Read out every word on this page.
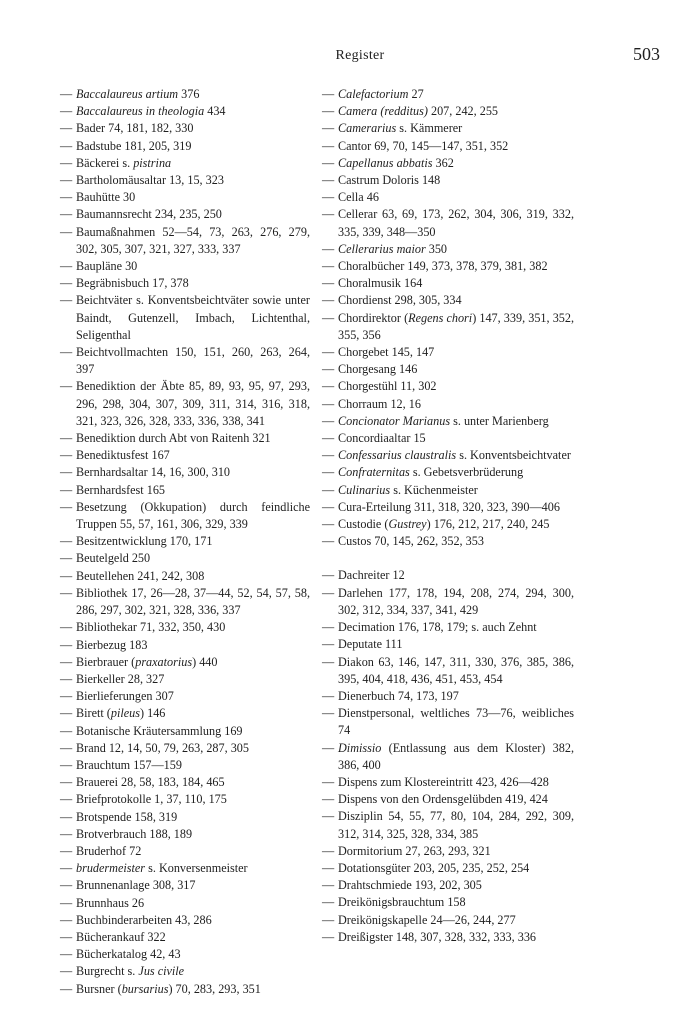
Register	503
— Baccalaureus artium 376
— Baccalaureus in theologia 434
— Bader 74, 181, 182, 330
— Badstube 181, 205, 319
— Bäckerei s. pistrina
— Bartholomäusaltar 13, 15, 323
— Bauhütte 30
— Baumannsrecht 234, 235, 250
— Baumaßnahmen 52—54, 73, 263, 276, 279, 302, 305, 307, 321, 327, 333, 337
— Baupläne 30
— Begräbnisbuch 17, 378
— Beichtväter s. Konventsbeichtväter sowie unter Baindt, Gutenzell, Imbach, Lichtenthal, Seligenthal
— Beichtvollmachten 150, 151, 260, 263, 264, 397
— Benediktion der Äbte 85, 89, 93, 95, 97, 293, 296, 298, 304, 307, 309, 311, 314, 316, 318, 321, 323, 326, 328, 333, 336, 338, 341
— Benediktion durch Abt von Raitenh 321
— Benediktusfest 167
— Bernhardsaltar 14, 16, 300, 310
— Bernhardsfest 165
— Besetzung (Okkupation) durch feindliche Truppen 55, 57, 161, 306, 329, 339
— Besitzentwicklung 170, 171
— Beutelgeld 250
— Beutellehen 241, 242, 308
— Bibliothek 17, 26—28, 37—44, 52, 54, 57, 58, 286, 297, 302, 321, 328, 336, 337
— Bibliothekar 71, 332, 350, 430
— Bierbezug 183
— Bierbrauer (praxatorius) 440
— Bierkeller 28, 327
— Bierlieferungen 307
— Birett (pileus) 146
— Botanische Kräutersammlung 169
— Brand 12, 14, 50, 79, 263, 287, 305
— Brauchtum 157—159
— Brauerei 28, 58, 183, 184, 465
— Briefprotokolle 1, 37, 110, 175
— Brotspende 158, 319
— Brotverbrauch 188, 189
— Bruderhof 72
— brudermeister s. Konversenmeister
— Brunnenanlage 308, 317
— Brunnhaus 26
— Buchbinderarbeiten 43, 286
— Bücherankauf 322
— Bücherkatalog 42, 43
— Burgrecht s. Jus civile
— Bursner (bursarius) 70, 283, 293, 351
— Calefactorium 27
— Camera (redditus) 207, 242, 255
— Camerarius s. Kämmerer
— Cantor 69, 70, 145—147, 351, 352
— Capellanus abbatis 362
— Castrum Doloris 148
— Cella 46
— Cellerar 63, 69, 173, 262, 304, 306, 319, 332, 335, 339, 348—350
— Cellerarius maior 350
— Choralbücher 149, 373, 378, 379, 381, 382
— Choralmusik 164
— Chordienst 298, 305, 334
— Chordirektor (Regens chori) 147, 339, 351, 352, 355, 356
— Chorgebet 145, 147
— Chorgesang 146
— Chorgestühl 11, 302
— Chorraum 12, 16
— Concionator Marianus s. unter Marienberg
— Concordiaaltar 15
— Confessarius claustralis s. Konventsbeichtvater
— Confraternitas s. Gebetsverbrüderung
— Culinarius s. Küchenmeister
— Cura-Erteilung 311, 318, 320, 323, 390—406
— Custodie (Gustrey) 176, 212, 217, 240, 245
— Custos 70, 145, 262, 352, 353
— Dachreiter 12
— Darlehen 177, 178, 194, 208, 274, 294, 300, 302, 312, 334, 337, 341, 429
— Decimation 176, 178, 179; s. auch Zehnt
— Deputate 111
— Diakon 63, 146, 147, 311, 330, 376, 385, 386, 395, 404, 418, 436, 451, 453, 454
— Dienerbuch 74, 173, 197
— Dienstpersonal, weltliches 73—76, weibliches 74
— Dimissio (Entlassung aus dem Kloster) 382, 386, 400
— Dispens zum Klostereintritt 423, 426—428
— Dispens von den Ordensgelübden 419, 424
— Disziplin 54, 55, 77, 80, 104, 284, 292, 309, 312, 314, 325, 328, 334, 385
— Dormitorium 27, 263, 293, 321
— Dotationsgüter 203, 205, 235, 252, 254
— Drahtschmiede 193, 202, 305
— Dreikönigsbrauchtum 158
— Dreikönigskapelle 24—26, 244, 277
— Dreißigster 148, 307, 328, 332, 333, 336
